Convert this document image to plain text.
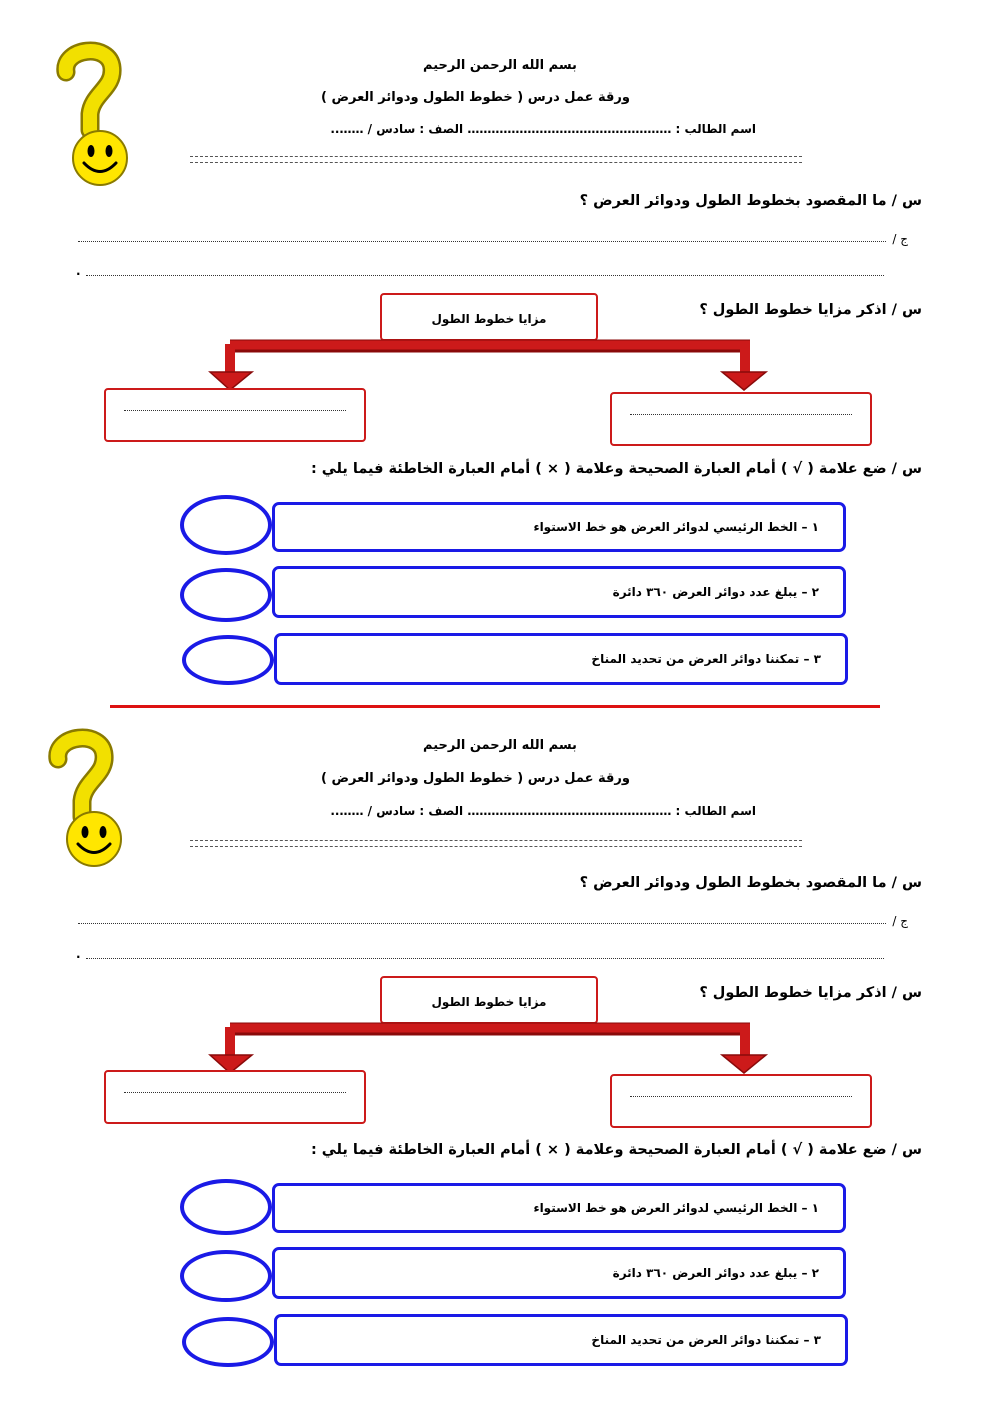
بسم الله الرحمن الرحيم
ورقة عمل درس ( خطوط الطول ودوائر العرض )
اسم الطالب : …………………………………………… الصف : سادس / ……..
س / ما المقصود بخطوط الطول ودوائر العرض ؟
ج /
.
س / اذكر مزايا خطوط الطول ؟
مزايا خطوط الطول
س / ضع علامة ( √ ) أمام العبارة الصحيحة وعلامة ( × ) أمام العبارة الخاطئة فيما يلي :
١ – الخط الرئيسي لدوائر العرض هو خط الاستواء
٢ – يبلغ عدد دوائر العرض ٣٦٠ دائرة
٣ – تمكننا دوائر العرض من تحديد المناخ
بسم الله الرحمن الرحيم
ورقة عمل درس ( خطوط الطول ودوائر العرض )
اسم الطالب : …………………………………………… الصف : سادس / ……..
س / ما المقصود بخطوط الطول ودوائر العرض ؟
ج /
.
س / اذكر مزايا خطوط الطول ؟
مزايا خطوط الطول
س / ضع علامة ( √ ) أمام العبارة الصحيحة وعلامة ( × ) أمام العبارة الخاطئة فيما يلي :
١ – الخط الرئيسي لدوائر العرض هو خط الاستواء
٢ – يبلغ عدد دوائر العرض ٣٦٠ دائرة
٣ – تمكننا دوائر العرض من تحديد المناخ
